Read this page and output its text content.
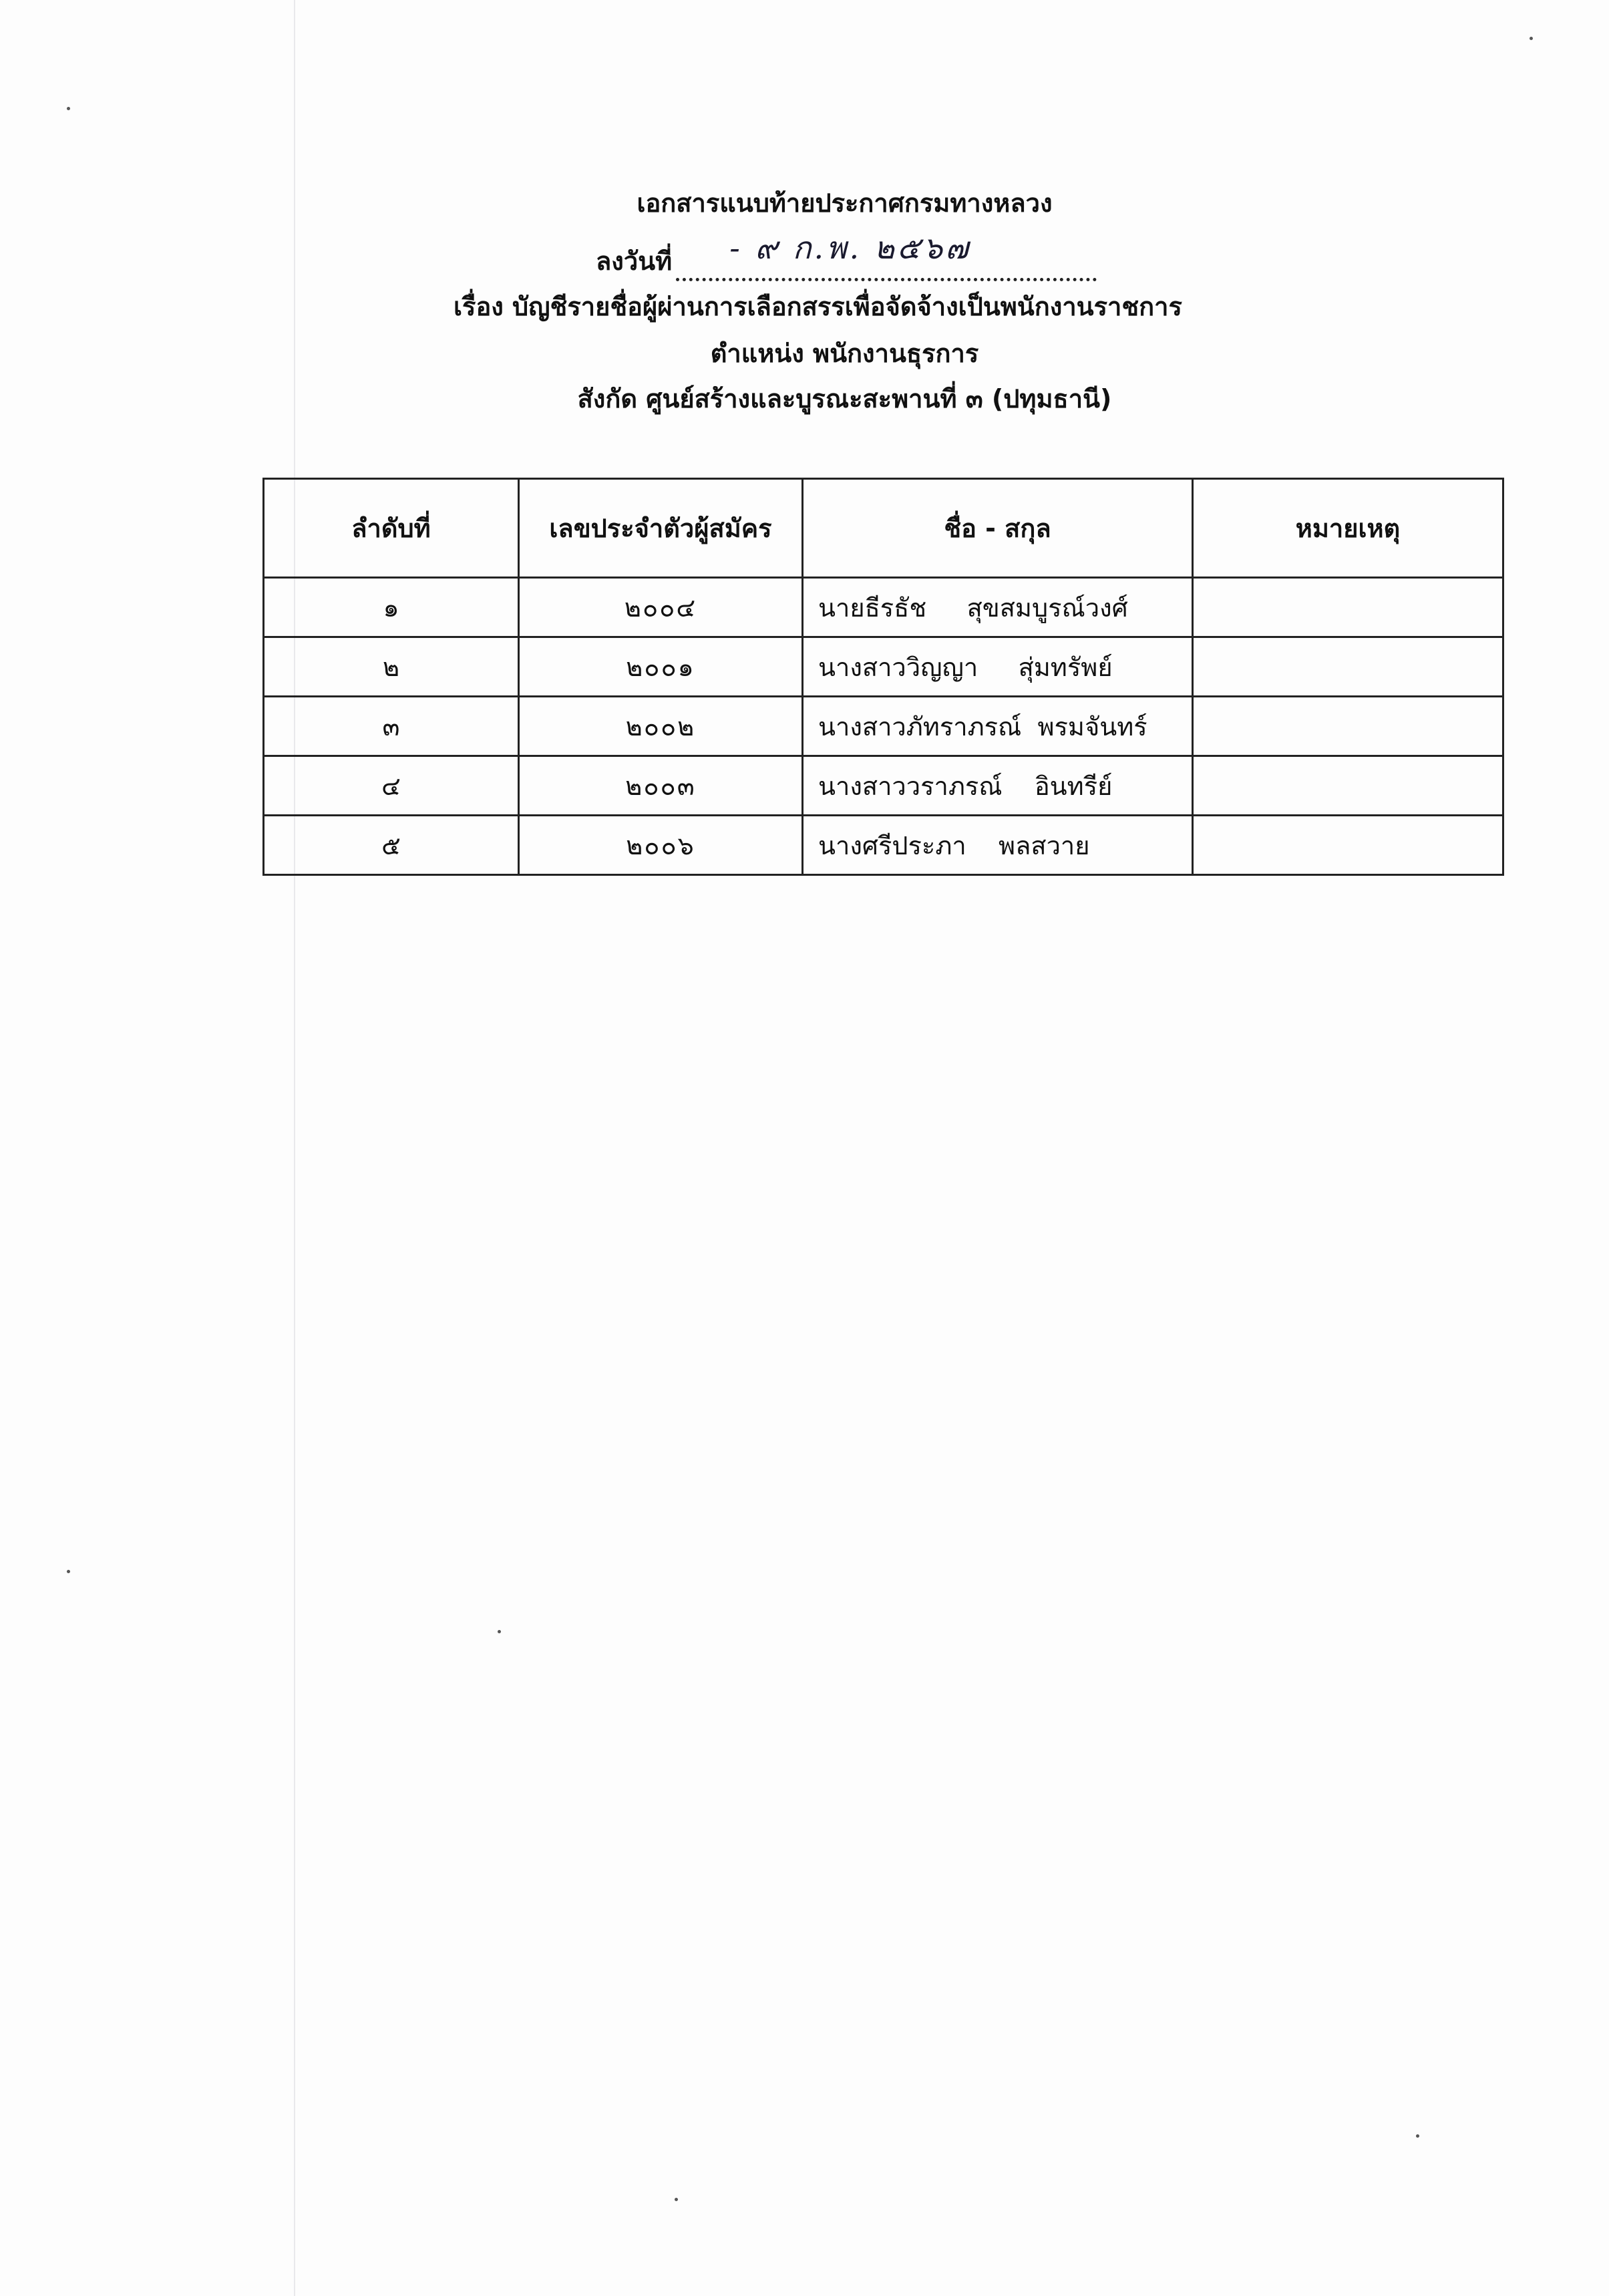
เอกสารแนบท้ายประกาศกรมทางหลวง
ลงวันที่ - ๙ ก.พ. ๒๕๖๗
เรื่อง บัญชีรายชื่อผู้ผ่านการเลือกสรรเพื่อจัดจ้างเป็นพนักงานราชการ
ตำแหน่ง พนักงานธุรการ
สังกัด ศูนย์สร้างและบูรณะสะพานที่ ๓ (ปทุมธานี)
ลำดับที่	เลขประจำตัวผู้สมัคร	ชื่อ - สกุล	หมายเหตุ
๑	๒๐๐๔	นายธีรธัช     สุขสมบูรณ์วงศ์	
๒	๒๐๐๑	นางสาววิญญา     สุ่มทรัพย์	
๓	๒๐๐๒	นางสาวภัทราภรณ์  พรมจันทร์	
๔	๒๐๐๓	นางสาววราภรณ์    อินทรีย์	
๕	๒๐๐๖	นางศรีประภา    พลสวาย	
